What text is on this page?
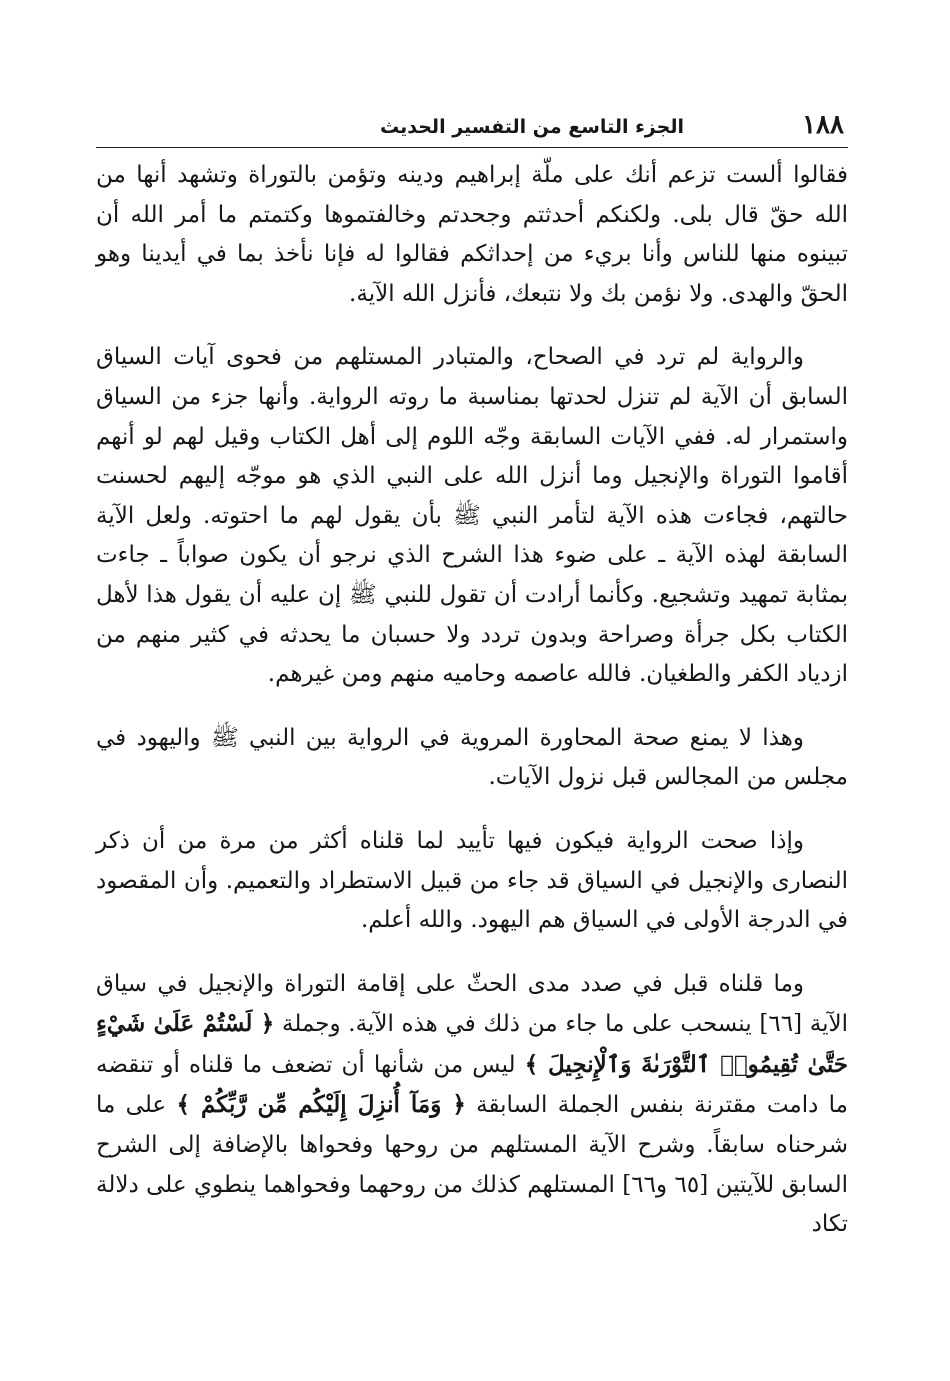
١٨٨
الجزء التاسع من التفسير الحديث

فقالوا ألست تزعم أنك على ملّة إبراهيم ودينه وتؤمن بالتوراة وتشهد أنها من الله حقّ قال بلى. ولكنكم أحدثتم وجحدتم وخالفتموها وكتمتم ما أمر الله أن تبينوه منها للناس وأنا بريء من إحداثكم فقالوا له فإنا نأخذ بما في أيدينا وهو الحقّ والهدى. ولا نؤمن بك ولا نتبعك، فأنزل الله الآية.

والرواية لم ترد في الصحاح، والمتبادر المستلهم من فحوى آيات السياق السابق أن الآية لم تنزل لحدتها بمناسبة ما روته الرواية. وأنها جزء من السياق واستمرار له. ففي الآيات السابقة وجّه اللوم إلى أهل الكتاب وقيل لهم لو أنهم أقاموا التوراة والإنجيل وما أنزل الله على النبي الذي هو موجّه إليهم لحسنت حالتهم، فجاءت هذه الآية لتأمر النبي ﷺ بأن يقول لهم ما احتوته. ولعل الآية السابقة لهذه الآية ـ على ضوء هذا الشرح الذي نرجو أن يكون صواباً ـ جاءت بمثابة تمهيد وتشجيع. وكأنما أرادت أن تقول للنبي ﷺ إن عليه أن يقول هذا لأهل الكتاب بكل جرأة وصراحة وبدون تردد ولا حسبان ما يحدثه في كثير منهم من ازدياد الكفر والطغيان. فالله عاصمه وحاميه منهم ومن غيرهم.

وهذا لا يمنع صحة المحاورة المروية في الرواية بين النبي ﷺ واليهود في مجلس من المجالس قبل نزول الآيات.

وإذا صحت الرواية فيكون فيها تأييد لما قلناه أكثر من مرة من أن ذكر النصارى والإنجيل في السياق قد جاء من قبيل الاستطراد والتعميم. وأن المقصود في الدرجة الأولى في السياق هم اليهود. والله أعلم.

وما قلناه قبل في صدد مدى الحثّ على إقامة التوراة والإنجيل في سياق الآية [٦٦] ينسحب على ما جاء من ذلك في هذه الآية. وجملة ﴿ لَسْتُمْ عَلَىٰ شَيْءٍ حَتَّىٰ تُقِيمُوا۟ ٱلتَّوْرَىٰةَ وَٱلْإِنجِيلَ ﴾ ليس من شأنها أن تضعف ما قلناه أو تنقضه ما دامت مقترنة بنفس الجملة السابقة ﴿ وَمَآ أُنزِلَ إِلَيْكُم مِّن رَّبِّكُمْ ﴾ على ما شرحناه سابقاً. وشرح الآية المستلهم من روحها وفحواها بالإضافة إلى الشرح السابق للآيتين [٦٥ و٦٦] المستلهم كذلك من روحهما وفحواهما ينطوي على دلالة تكاد
